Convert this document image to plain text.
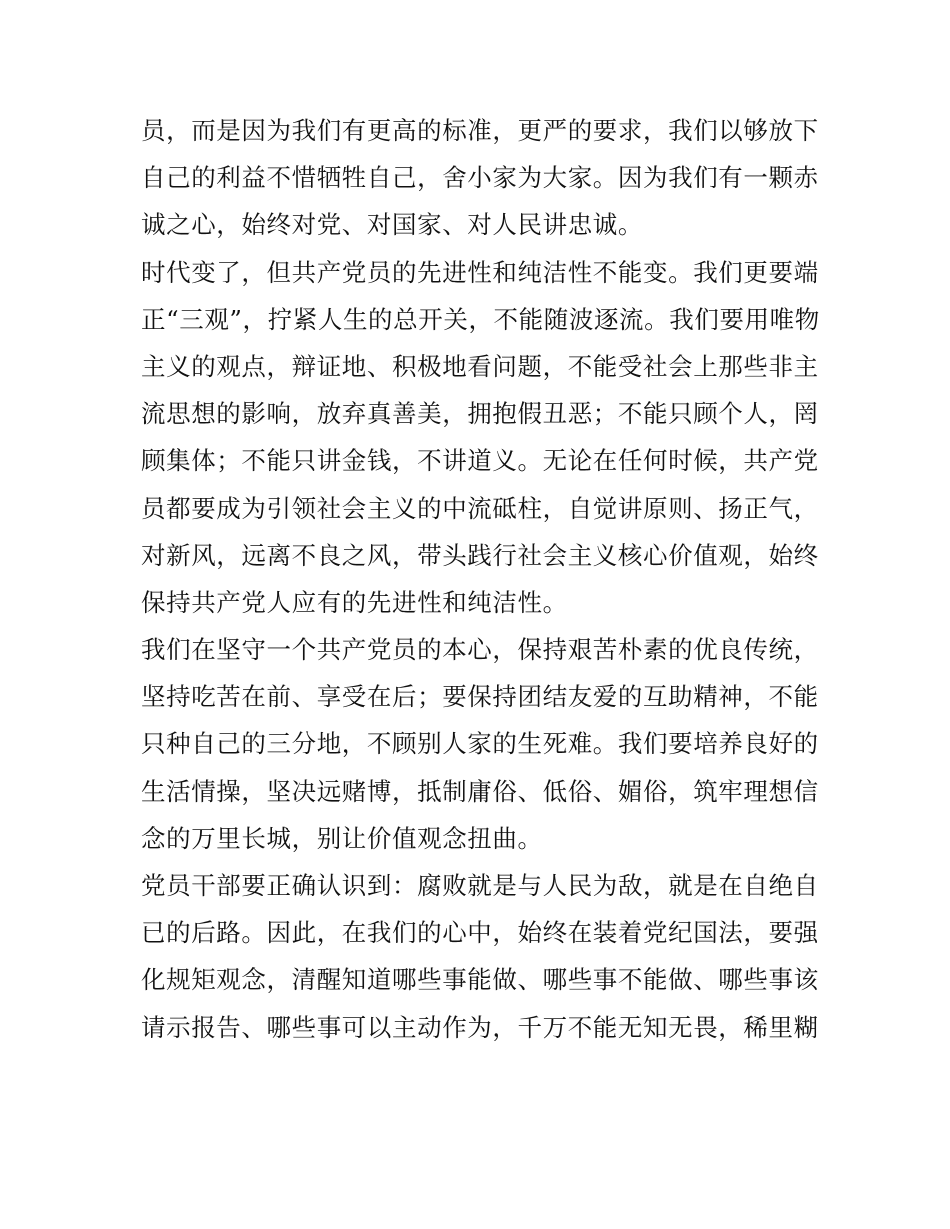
员，而是因为我们有更高的标准，更严的要求，我们以够放下
自己的利益不惜牺牲自己，舍小家为大家。因为我们有一颗赤
诚之心，始终对党、对国家、对人民讲忠诚。
时代变了，但共产党员的先进性和纯洁性不能变。我们更要端
正“三观”，拧紧人生的总开关，不能随波逐流。我们要用唯物
主义的观点，辩证地、积极地看问题，不能受社会上那些非主
流思想的影响，放弃真善美，拥抱假丑恶；不能只顾个人，罔
顾集体；不能只讲金钱，不讲道义。无论在任何时候，共产党
员都要成为引领社会主义的中流砥柱，自觉讲原则、扬正气，
对新风，远离不良之风，带头践行社会主义核心价值观，始终
保持共产党人应有的先进性和纯洁性。
我们在坚守一个共产党员的本心，保持艰苦朴素的优良传统，
坚持吃苦在前、享受在后；要保持团结友爱的互助精神，不能
只种自己的三分地，不顾别人家的生死难。我们要培养良好的
生活情操，坚决远赌博，抵制庸俗、低俗、媚俗，筑牢理想信
念的万里长城，别让价值观念扭曲。
党员干部要正确认识到：腐败就是与人民为敌，就是在自绝自
已的后路。因此，在我们的心中，始终在装着党纪国法，要强
化规矩观念，清醒知道哪些事能做、哪些事不能做、哪些事该
请示报告、哪些事可以主动作为，千万不能无知无畏，稀里糊
